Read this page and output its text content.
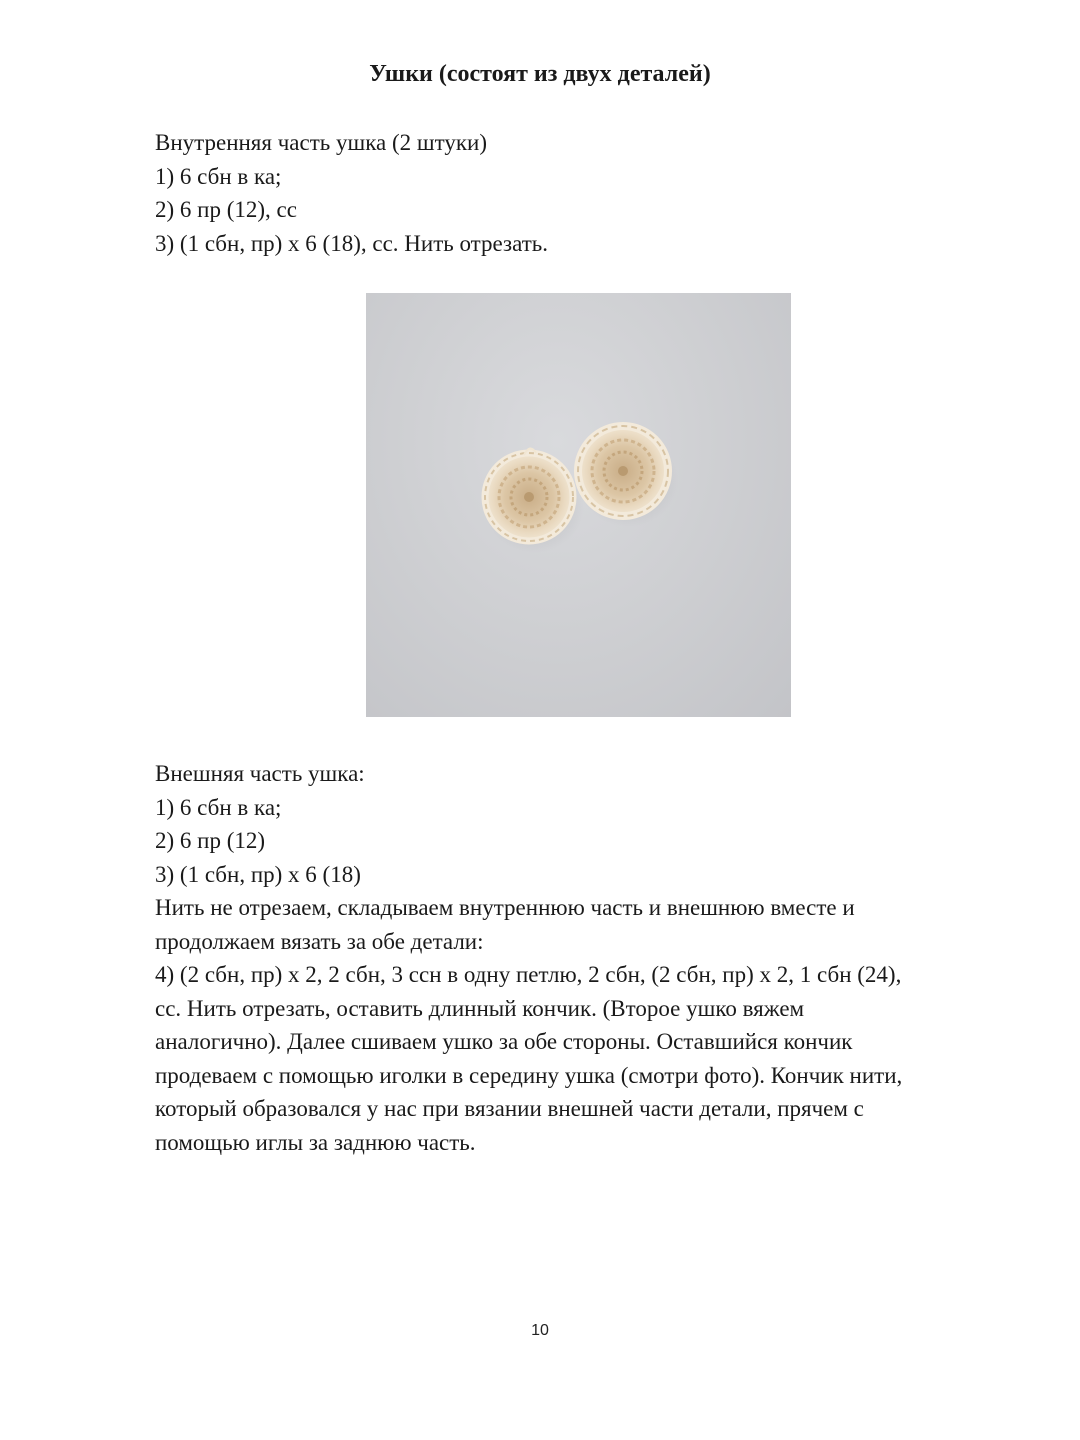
Ушки (состоят из двух деталей)
Внутренняя часть ушка (2 штуки)
1) 6 сбн в ка;
2) 6 пр (12), сс
3) (1 сбн, пр) х 6 (18), сс. Нить отрезать.
Внешняя часть ушка:
1) 6 сбн в ка;
2) 6 пр (12)
3) (1 сбн, пр) х 6 (18)
Нить не отрезаем, складываем внутреннюю часть и внешнюю вместе и
продолжаем вязать за обе детали:
4) (2 сбн, пр) х 2, 2 сбн, 3 ссн в одну петлю, 2 сбн, (2 сбн, пр) х 2, 1 сбн (24),
сс. Нить отрезать, оставить длинный кончик. (Второе ушко вяжем
аналогично). Далее сшиваем ушко за обе стороны. Оставшийся кончик
продеваем с помощью иголки в середину ушка (смотри фото). Кончик нити,
который образовался у нас при вязании внешней части детали, прячем с
помощью иглы за заднюю часть.
10
